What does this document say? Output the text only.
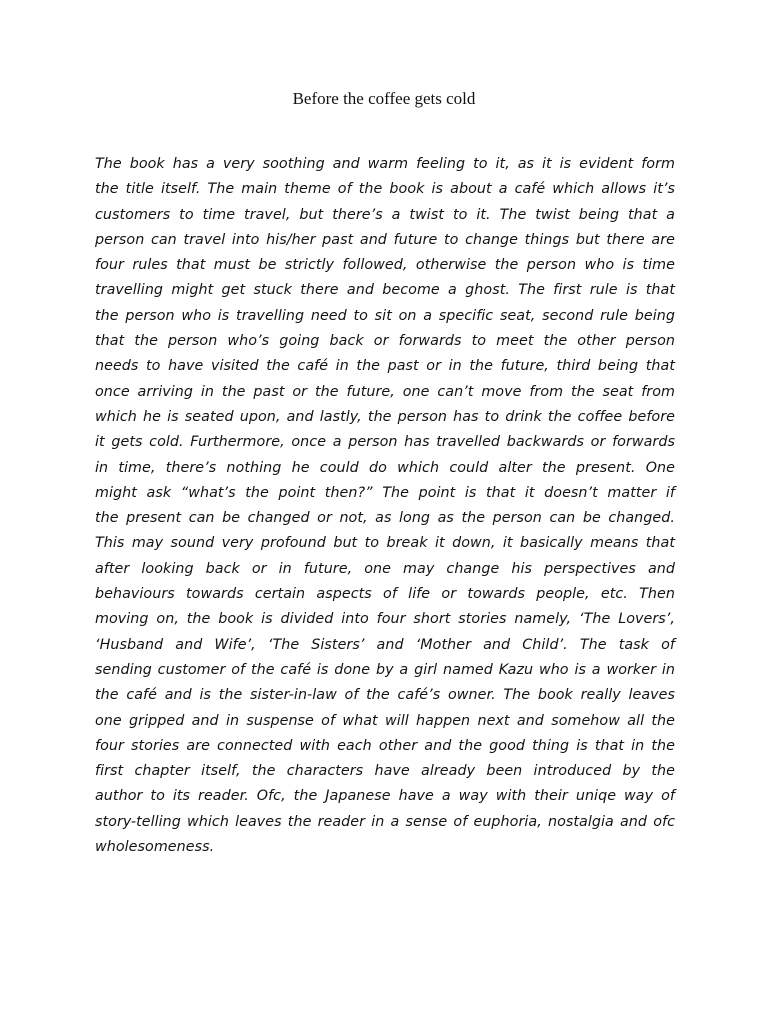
Before the coffee gets cold
The book has a very soothing and warm feeling to it, as it is evident form
the title itself. The main theme of the book is about a café which allows it’s
customers to time travel, but there’s a twist to it. The twist being that a
person can travel into his/her past and future to change things but there are
four rules that must be strictly followed, otherwise the person who is time
travelling might get stuck there and become a ghost. The first rule is that
the person who is travelling need to sit on a specific seat, second rule being
that the person who’s going back or forwards to meet the other person
needs to have visited the café in the past or in the future, third being that
once arriving in the past or the future, one can’t move from the seat from
which he is seated upon, and lastly, the person has to drink the coffee before
it gets cold. Furthermore, once a person has travelled backwards or forwards
in time, there’s nothing he could do which could alter the present. One
might ask “what’s the point then?” The point is that it doesn’t matter if
the present can be changed or not, as long as the person can be changed.
This may sound very profound but to break it down, it basically means that
after looking back or in future, one may change his perspectives and
behaviours towards certain aspects of life or towards people, etc. Then
moving on, the book is divided into four short stories namely, ‘The Lovers’,
‘Husband and Wife’, ‘The Sisters’ and ‘Mother and Child’. The task of
sending customer of the café is done by a girl named Kazu who is a worker in
the café and is the sister-in-law of the café’s owner. The book really leaves
one gripped and in suspense of what will happen next and somehow all the
four stories are connected with each other and the good thing is that in the
first chapter itself, the characters have already been introduced by the
author to its reader. Ofc, the Japanese have a way with their uniqe way of
story-telling which leaves the reader in a sense of euphoria, nostalgia and ofc
wholesomeness.
